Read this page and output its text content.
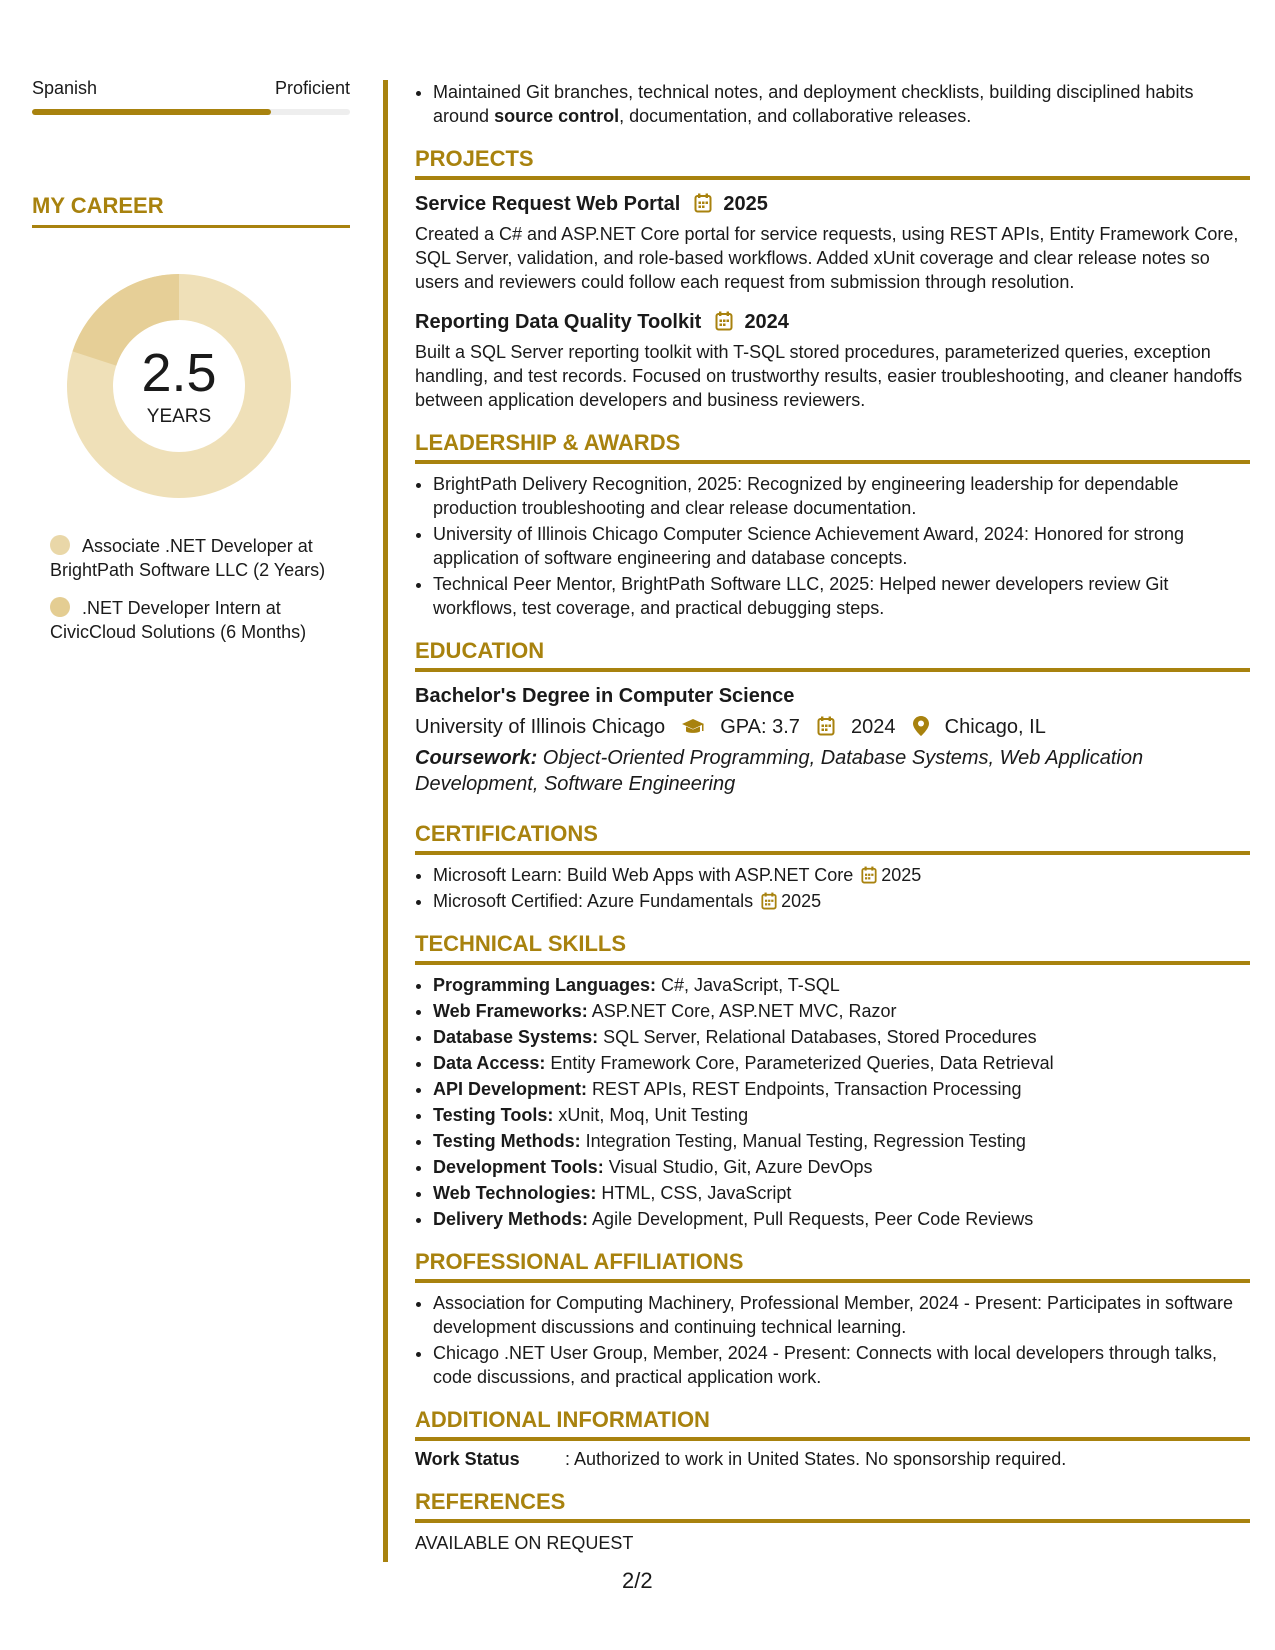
Spanish	Proficient
MY CAREER
2.5
YEARS
Associate .NET Developer at BrightPath Software LLC (2 Years)
.NET Developer Intern at CivicCloud Solutions (6 Months)
• Maintained Git branches, technical notes, and deployment checklists, building disciplined habits around source control, documentation, and collaborative releases.
PROJECTS
Service Request Web Portal 2025
Created a C# and ASP.NET Core portal for service requests, using REST APIs, Entity Framework Core, SQL Server, validation, and role-based workflows. Added xUnit coverage and clear release notes so users and reviewers could follow each request from submission through resolution.
Reporting Data Quality Toolkit 2024
Built a SQL Server reporting toolkit with T-SQL stored procedures, parameterized queries, exception handling, and test records. Focused on trustworthy results, easier troubleshooting, and cleaner handoffs between application developers and business reviewers.
LEADERSHIP & AWARDS
• BrightPath Delivery Recognition, 2025: Recognized by engineering leadership for dependable production troubleshooting and clear release documentation.
• University of Illinois Chicago Computer Science Achievement Award, 2024: Honored for strong application of software engineering and database concepts.
• Technical Peer Mentor, BrightPath Software LLC, 2025: Helped newer developers review Git workflows, test coverage, and practical debugging steps.
EDUCATION
Bachelor's Degree in Computer Science
University of Illinois Chicago	GPA: 3.7	2024 Chicago, IL
Coursework: Object-Oriented Programming, Database Systems, Web Application Development, Software Engineering
CERTIFICATIONS
• Microsoft Learn: Build Web Apps with ASP.NET Core 2025
• Microsoft Certified: Azure Fundamentals 2025
TECHNICAL SKILLS
• Programming Languages: C#, JavaScript, T-SQL
• Web Frameworks: ASP.NET Core, ASP.NET MVC, Razor
• Database Systems: SQL Server, Relational Databases, Stored Procedures
• Data Access: Entity Framework Core, Parameterized Queries, Data Retrieval
• API Development: REST APIs, REST Endpoints, Transaction Processing
• Testing Tools: xUnit, Moq, Unit Testing
• Testing Methods: Integration Testing, Manual Testing, Regression Testing
• Development Tools: Visual Studio, Git, Azure DevOps
• Web Technologies: HTML, CSS, JavaScript
• Delivery Methods: Agile Development, Pull Requests, Peer Code Reviews
PROFESSIONAL AFFILIATIONS
• Association for Computing Machinery, Professional Member, 2024 - Present: Participates in software development discussions and continuing technical learning.
• Chicago .NET User Group, Member, 2024 - Present: Connects with local developers through talks, code discussions, and practical application work.
ADDITIONAL INFORMATION
Work Status	: Authorized to work in United States. No sponsorship required.
REFERENCES
AVAILABLE ON REQUEST
2/2
